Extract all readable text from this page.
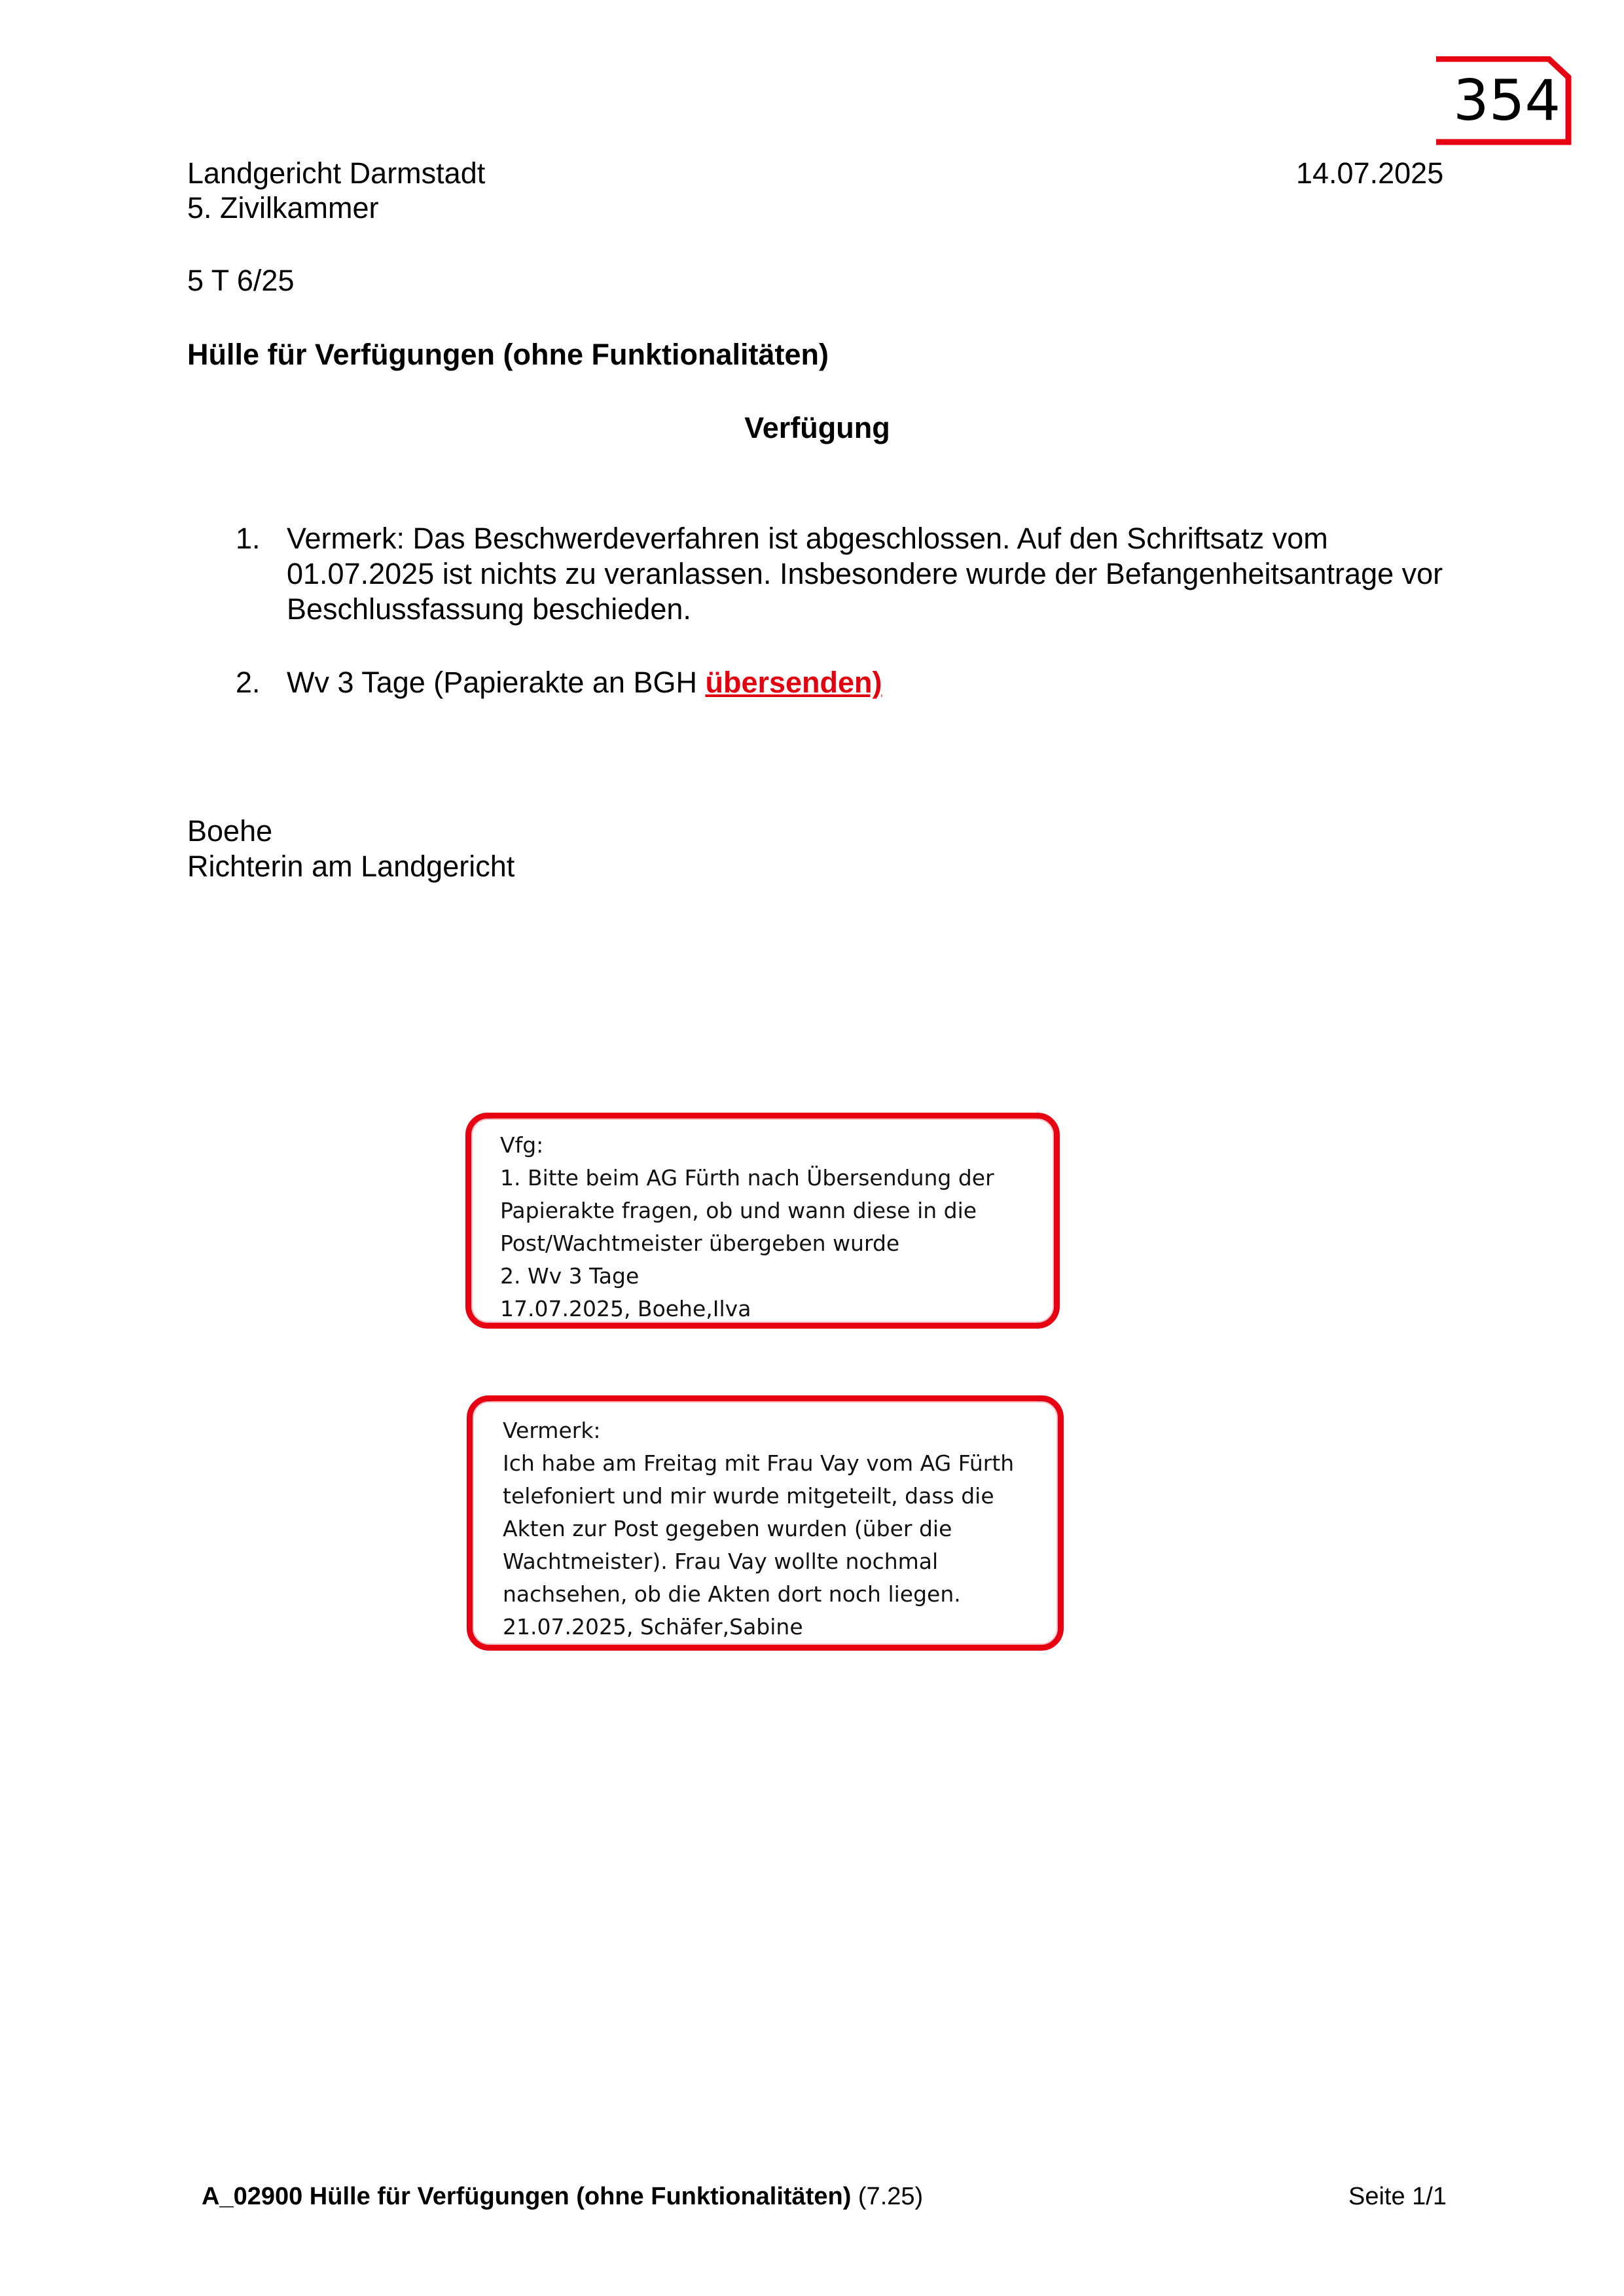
354
Landgericht Darmstadt
5. Zivilkammer
14.07.2025
5 T 6/25
Hülle für Verfügungen (ohne Funktionalitäten)
Verfügung
1. Vermerk: Das Beschwerdeverfahren ist abgeschlossen. Auf den Schriftsatz vom 01.07.2025 ist nichts zu veranlassen. Insbesondere wurde der Befangenheitsantrage vor Beschlussfassung beschieden.
2. Wv 3 Tage (Papierakte an BGH übersenden)
Boehe
Richterin am Landgericht
Vfg:
1. Bitte beim AG Fürth nach Übersendung der
Papierakte fragen, ob und wann diese in die
Post/Wachtmeister übergeben wurde
2. Wv 3 Tage
17.07.2025, Boehe,Ilva
Vermerk:
Ich habe am Freitag mit Frau Vay vom AG Fürth
telefoniert und mir wurde mitgeteilt, dass die
Akten zur Post gegeben wurden (über die
Wachtmeister). Frau Vay wollte nochmal
nachsehen, ob die Akten dort noch liegen.
21.07.2025, Schäfer,Sabine
A_02900 Hülle für Verfügungen (ohne Funktionalitäten) (7.25)	Seite 1/1
